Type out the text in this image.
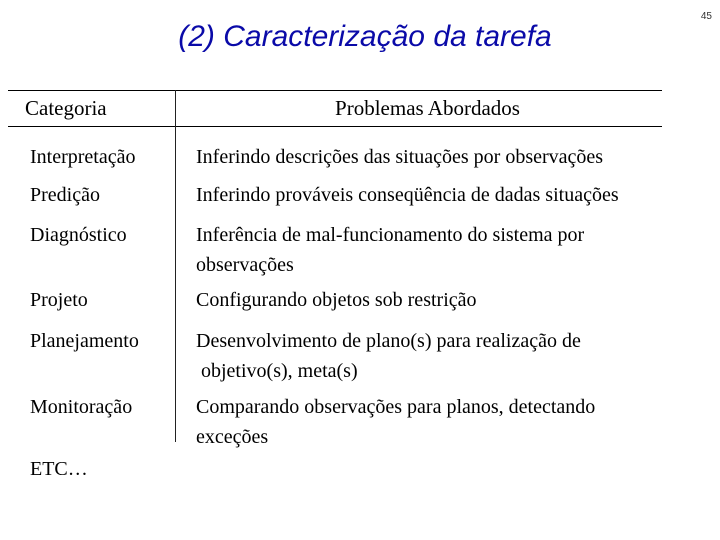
45
(2) Caracterização da tarefa
Categoria	Problemas Abordados
Interpretação	Inferindo descrições das situações por observações
Predição	Inferindo prováveis conseqüência de dadas situações
Diagnóstico	Inferência de mal-funcionamento do sistema por
observações
Projeto	Configurando objetos sob restrição
Planejamento	Desenvolvimento de plano(s) para realização de
objetivo(s), meta(s)
Monitoração	Comparando observações para planos, detectando
exceções
ETC…
